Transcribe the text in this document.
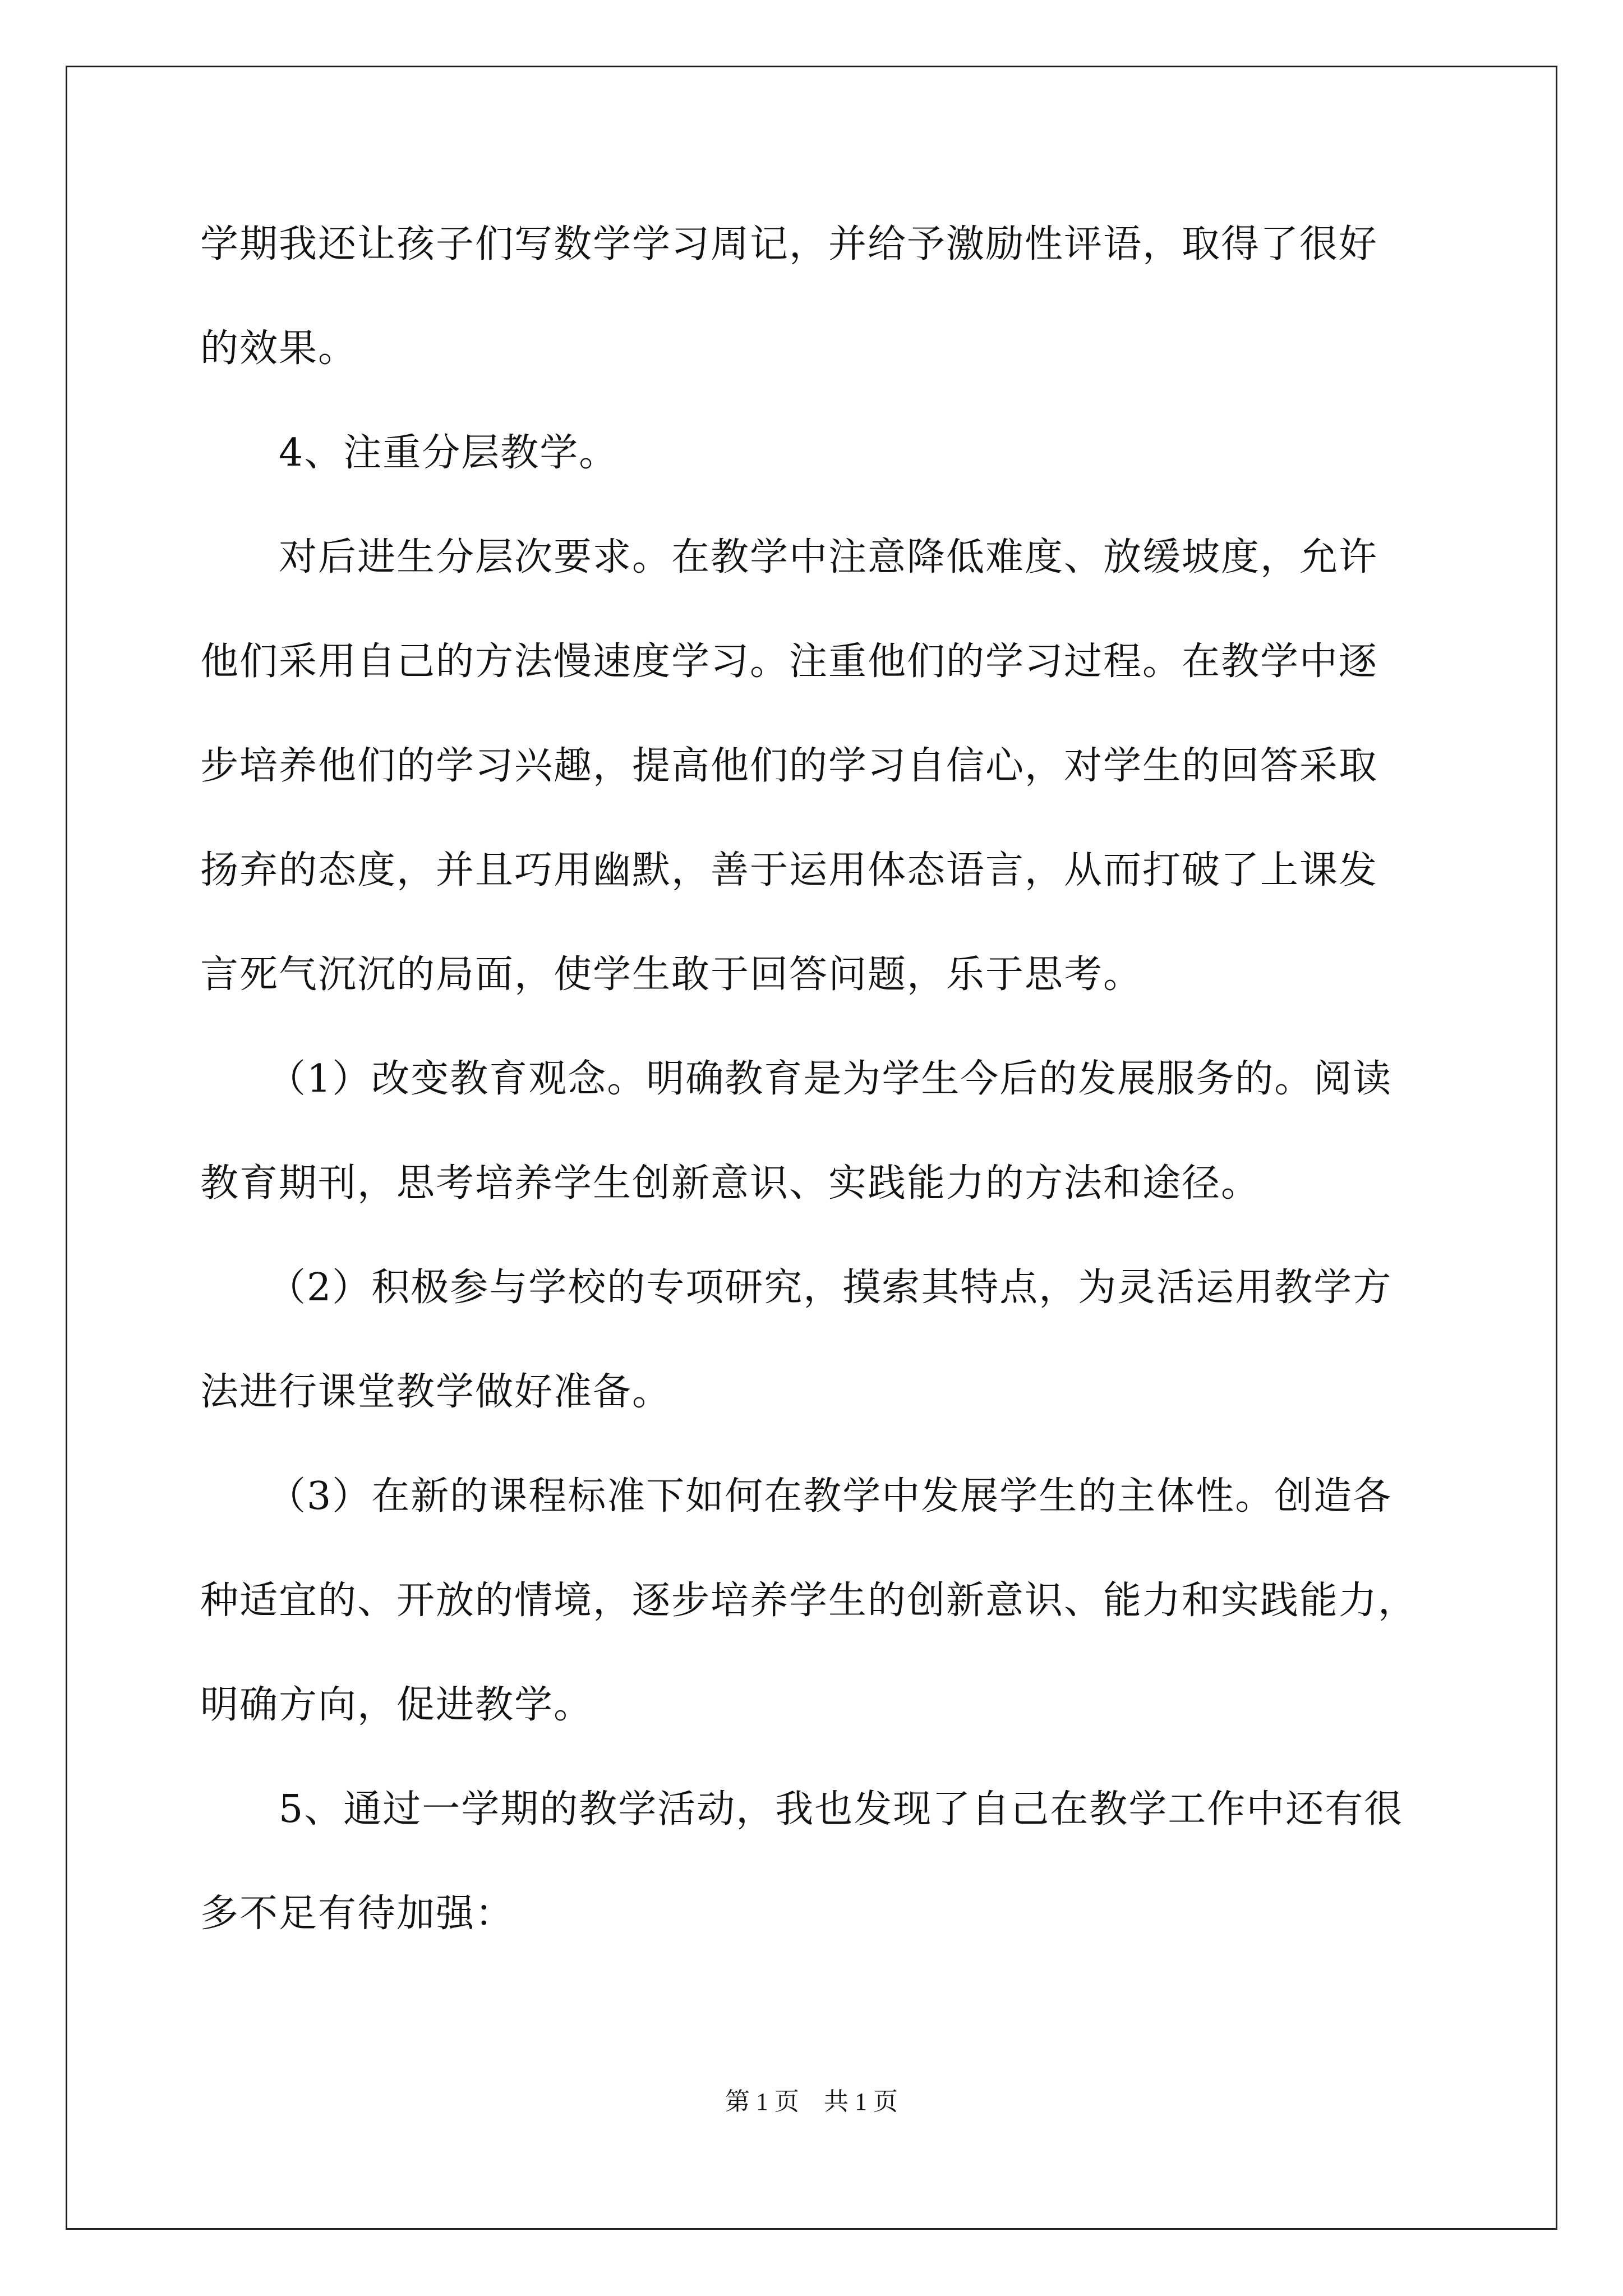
学期我还让孩子们写数学学习周记，并给予激励性评语，取得了很好

的效果。

4、注重分层教学。

对后进生分层次要求。在教学中注意降低难度、放缓坡度，允许

他们采用自己的方法慢速度学习。注重他们的学习过程。在教学中逐

步培养他们的学习兴趣，提高他们的学习自信心，对学生的回答采取

扬弃的态度，并且巧用幽默，善于运用体态语言，从而打破了上课发

言死气沉沉的局面，使学生敢于回答问题，乐于思考。

（1）改变教育观念。明确教育是为学生今后的发展服务的。阅读

教育期刊，思考培养学生创新意识、实践能力的方法和途径。

（2）积极参与学校的专项研究，摸索其特点，为灵活运用教学方

法进行课堂教学做好准备。

（3）在新的课程标准下如何在教学中发展学生的主体性。创造各

种适宜的、开放的情境，逐步培养学生的创新意识、能力和实践能力，

明确方向，促进教学。

5、通过一学期的教学活动，我也发现了自己在教学工作中还有很

多不足有待加强：

第 1 页　共 1 页
